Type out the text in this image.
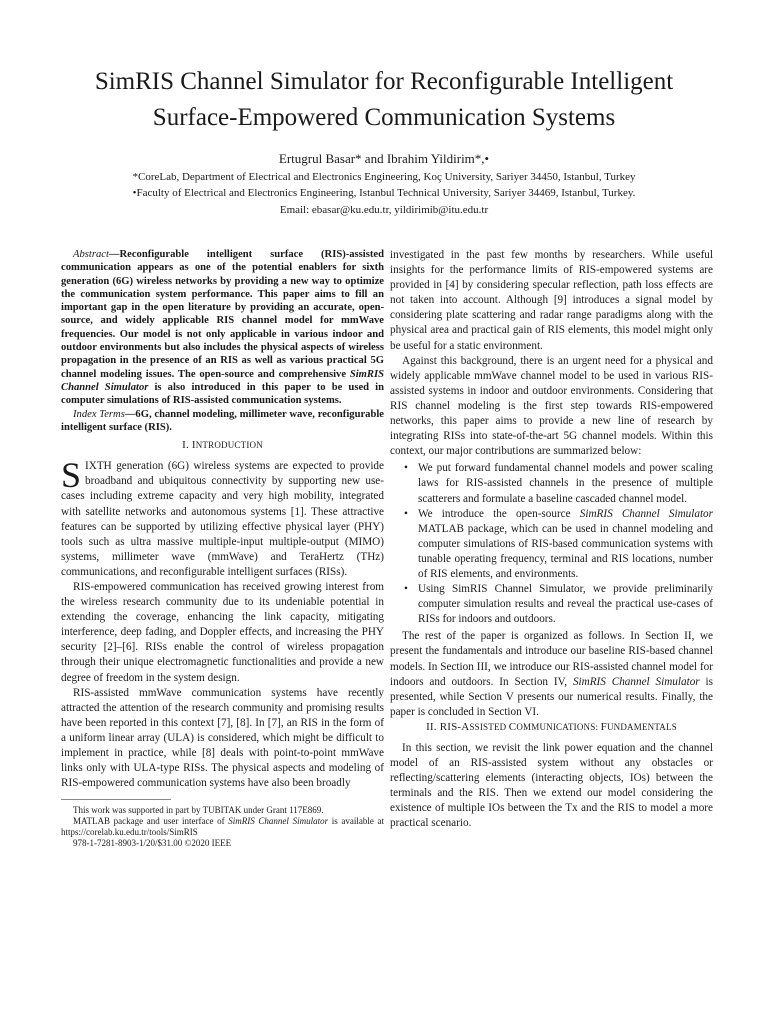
SimRIS Channel Simulator for Reconfigurable Intelligent
Surface-Empowered Communication Systems
Ertugrul Basar* and Ibrahim Yildirim*,•
*CoreLab, Department of Electrical and Electronics Engineering, Koç University, Sariyer 34450, Istanbul, Turkey
•Faculty of Electrical and Electronics Engineering, Istanbul Technical University, Sariyer 34469, Istanbul, Turkey.
Email: ebasar@ku.edu.tr, yildirimib@itu.edu.tr

Abstract—Reconfigurable intelligent surface (RIS)-assisted communication appears as one of the potential enablers for sixth generation (6G) wireless networks by providing a new way to optimize the communication system performance. This paper aims to fill an important gap in the open literature by providing an accurate, open-source, and widely applicable RIS channel model for mmWave frequencies. Our model is not only applicable in various indoor and outdoor environments but also includes the physical aspects of wireless propagation in the presence of an RIS as well as various practical 5G channel modeling issues. The open-source and comprehensive SimRIS Channel Simulator is also introduced in this paper to be used in computer simulations of RIS-assisted communication systems.

Index Terms—6G, channel modeling, millimeter wave, reconfigurable intelligent surface (RIS).

I. INTRODUCTION

SIXTH generation (6G) wireless systems are expected to provide broadband and ubiquitous connectivity by supporting new use-cases including extreme capacity and very high mobility, integrated with satellite networks and autonomous systems [1]. These attractive features can be supported by utilizing effective physical layer (PHY) tools such as ultra massive multiple-input multiple-output (MIMO) systems, millimeter wave (mmWave) and TeraHertz (THz) communications, and reconfigurable intelligent surfaces (RISs).

RIS-empowered communication has received growing interest from the wireless research community due to its undeniable potential in extending the coverage, enhancing the link capacity, mitigating interference, deep fading, and Doppler effects, and increasing the PHY security [2]–[6]. RISs enable the control of wireless propagation through their unique electromagnetic functionalities and provide a new degree of freedom in the system design.

RIS-assisted mmWave communication systems have recently attracted the attention of the research community and promising results have been reported in this context [7], [8]. In [7], an RIS in the form of a uniform linear array (ULA) is considered, which might be difficult to implement in practice, while [8] deals with point-to-point mmWave links only with ULA-type RISs. The physical aspects and modeling of RIS-empowered communication systems have also been broadly

This work was supported in part by TUBITAK under Grant 117E869.

MATLAB package and user interface of SimRIS Channel Simulator is available at https://corelab.ku.edu.tr/tools/SimRIS

978-1-7281-8903-1/20/$31.00 ©2020 IEEE

investigated in the past few months by researchers. While useful insights for the performance limits of RIS-empowered systems are provided in [4] by considering specular reflection, path loss effects are not taken into account. Although [9] introduces a signal model by considering plate scattering and radar range paradigms along with the physical area and practical gain of RIS elements, this model might only be useful for a static environment.

Against this background, there is an urgent need for a physical and widely applicable mmWave channel model to be used in various RIS-assisted systems in indoor and outdoor environments. Considering that RIS channel modeling is the first step towards RIS-empowered networks, this paper aims to provide a new line of research by integrating RISs into state-of-the-art 5G channel models. Within this context, our major contributions are summarized below:

• We put forward fundamental channel models and power scaling laws for RIS-assisted channels in the presence of multiple scatterers and formulate a baseline cascaded channel model.
• We introduce the open-source SimRIS Channel Simulator MATLAB package, which can be used in channel modeling and computer simulations of RIS-based communication systems with tunable operating frequency, terminal and RIS locations, number of RIS elements, and environments.
• Using SimRIS Channel Simulator, we provide preliminarily computer simulation results and reveal the practical use-cases of RISs for indoors and outdoors.

The rest of the paper is organized as follows. In Section II, we present the fundamentals and introduce our baseline RIS-based channel models. In Section III, we introduce our RIS-assisted channel model for indoors and outdoors. In Section IV, SimRIS Channel Simulator is presented, while Section V presents our numerical results. Finally, the paper is concluded in Section VI.

II. RIS-ASSISTED COMMUNICATIONS: FUNDAMENTALS

In this section, we revisit the link power equation and the channel model of an RIS-assisted system without any obstacles or reflecting/scattering elements (interacting objects, IOs) between the terminals and the RIS. Then we extend our model considering the existence of multiple IOs between the Tx and the RIS to model a more practical scenario.
